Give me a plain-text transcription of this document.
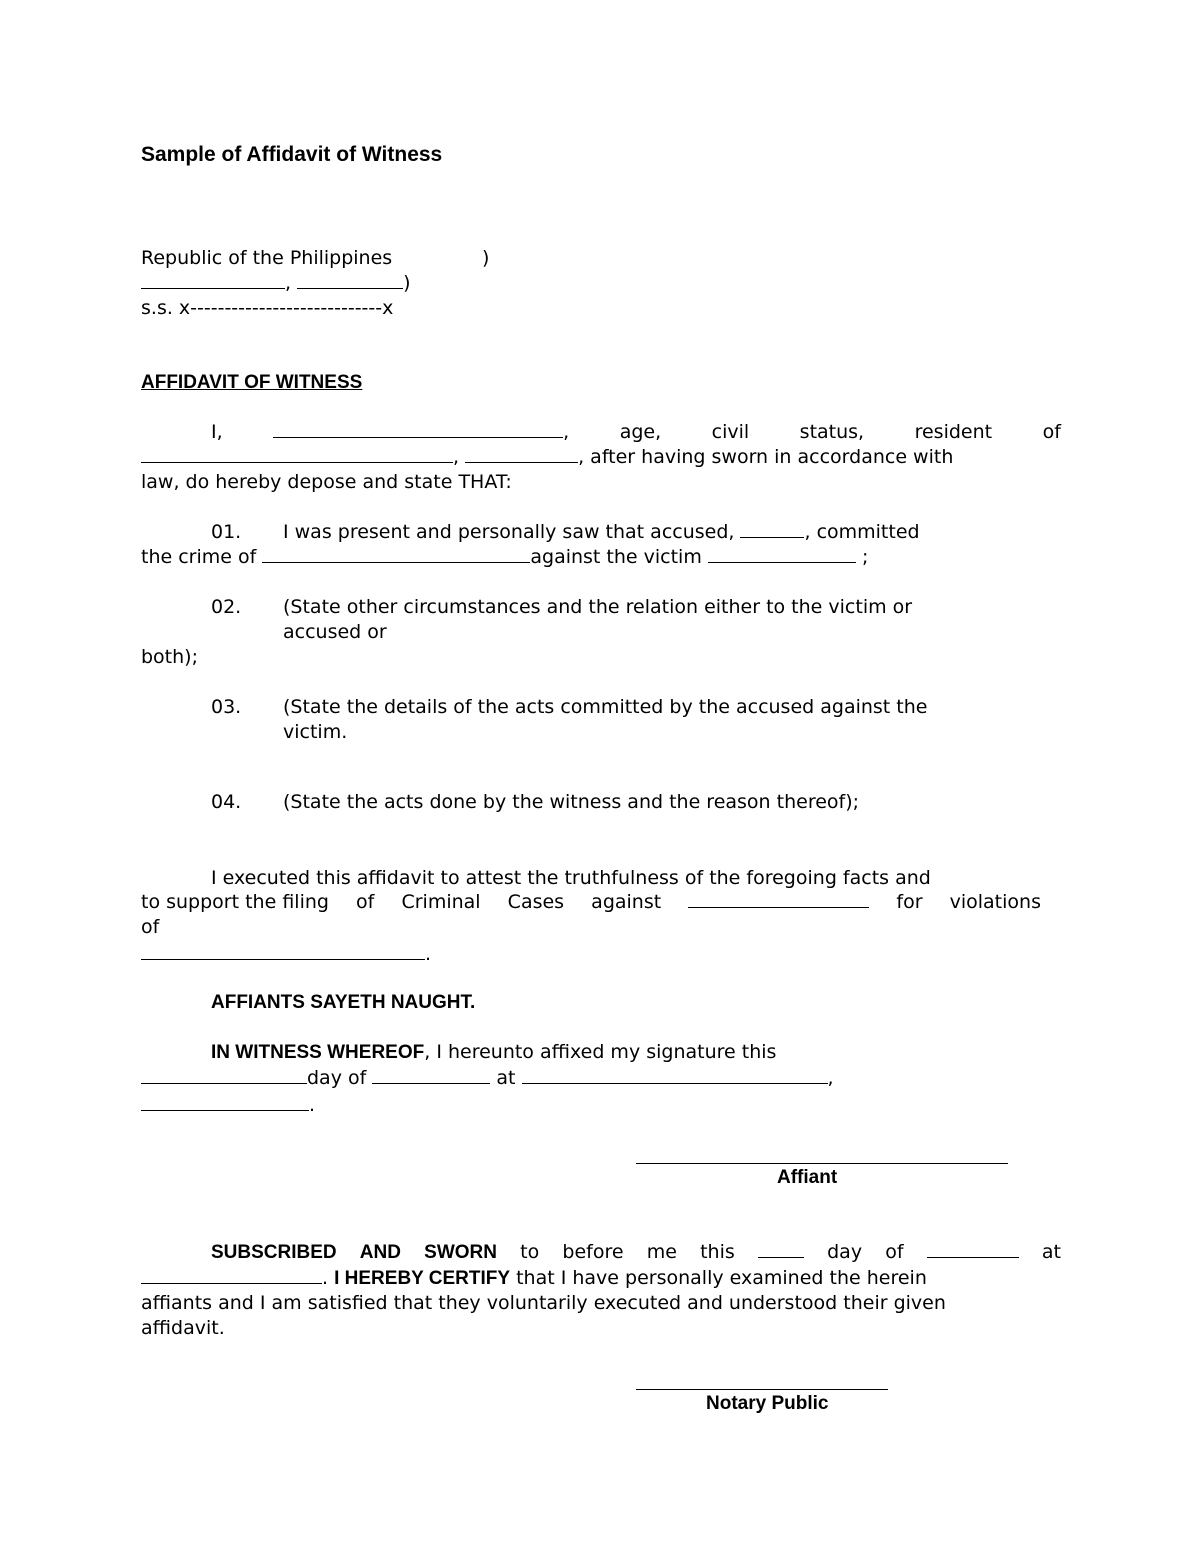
Sample of Affidavit of Witness
Republic of the Philippines	)
,	)
s.s. x----------------------------x
AFFIDAVIT OF WITNESS
I,	,	age,	civil	status,	resident	of
,	, after having sworn in accordance with
law, do hereby depose and state THAT:
01. I was present and personally saw that accused,	, committed
the crime of	against the victim	;
02. (State other circumstances and the relation either to the victim or
accused or
both);
03. (State the details of the acts committed by the accused against the
victim.
04. (State the acts done by the witness and the reason thereof);
I executed this affidavit to attest the truthfulness of the foregoing facts and
to support the filing of Criminal Cases against	for violations
of
.
AFFIANTS SAYETH NAUGHT.
IN WITNESS WHEREOF, I hereunto affixed my signature this
day of	at	,
.
Affiant
SUBSCRIBED AND SWORN to before me this	day of	at
. I HEREBY CERTIFY that I have personally examined the herein
affiants and I am satisfied that they voluntarily executed and understood their given
affidavit.
Notary Public
